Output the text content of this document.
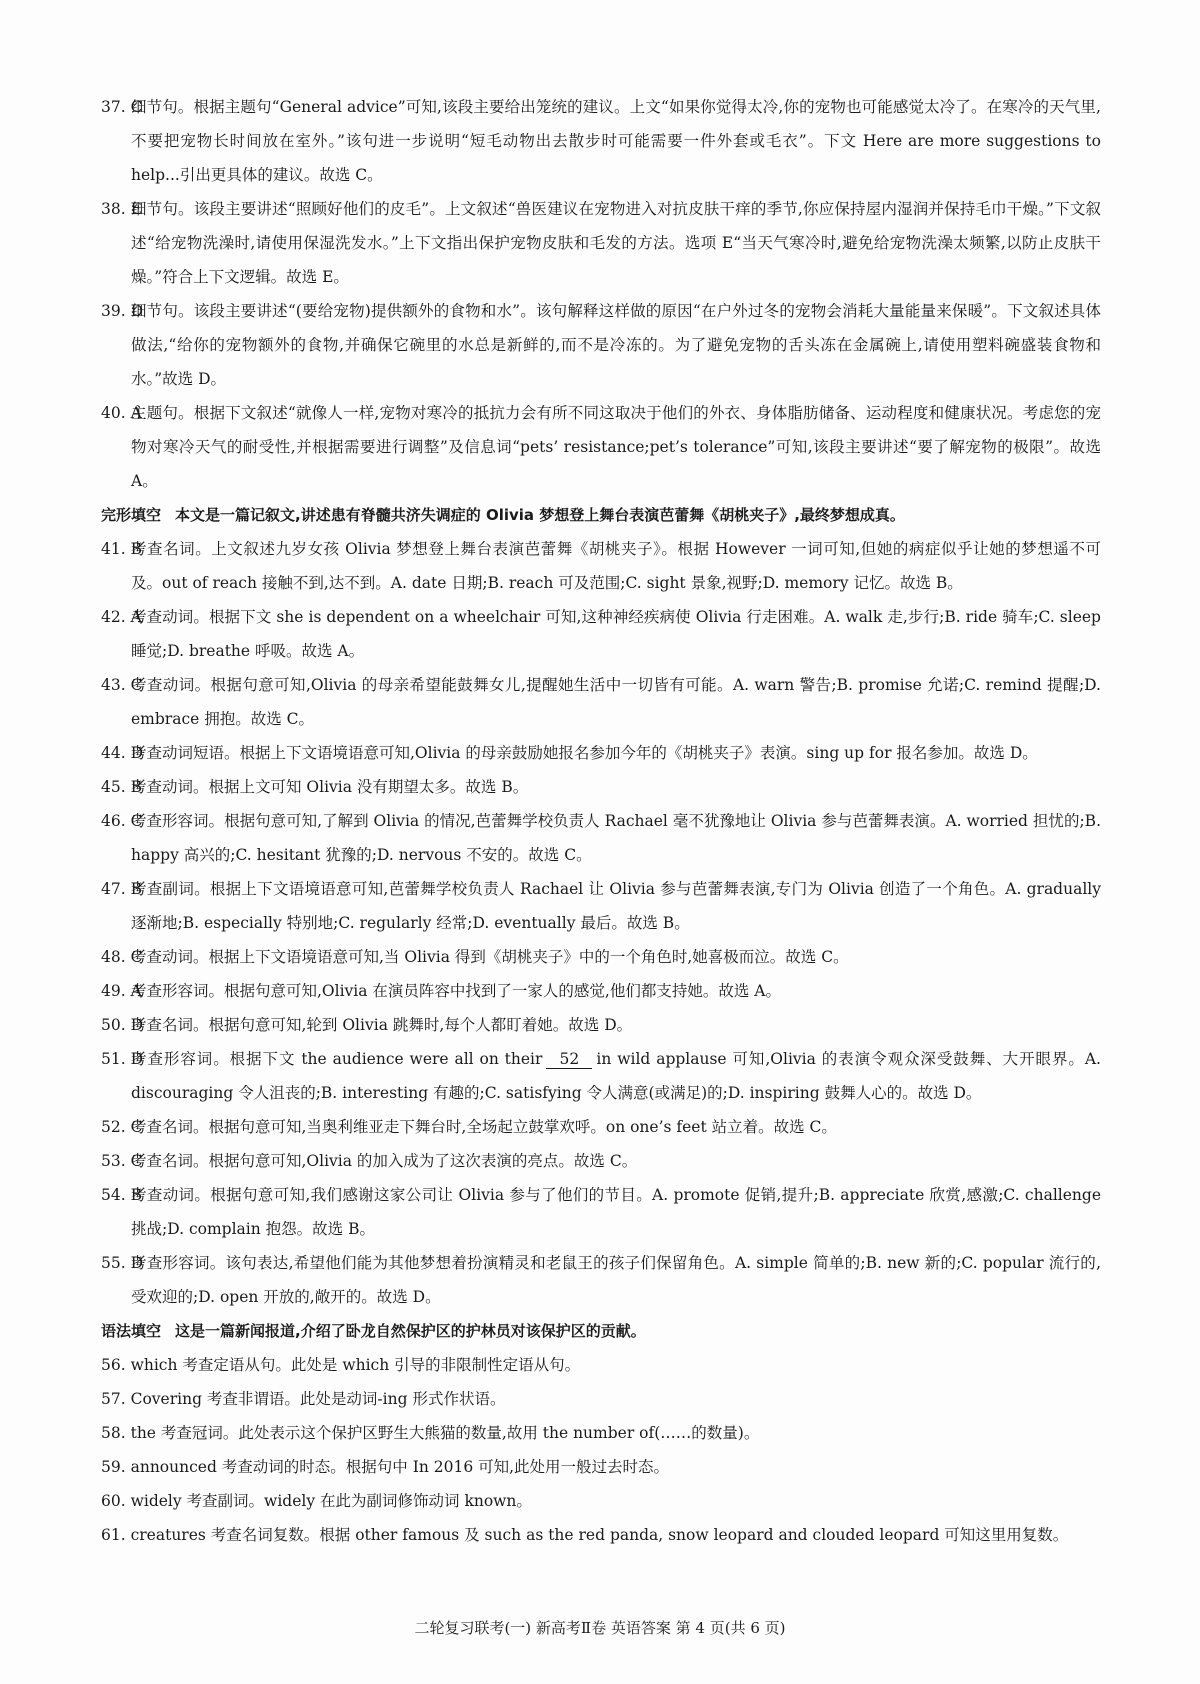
37. C
细节句。根据主题句“General advice”可知,该段主要给出笼统的建议。上文“如果你觉得太冷,你的宠物也可能感觉太冷了。在寒冷的天气里,不要把宠物长时间放在室外。”该句进一步说明“短毛动物出去散步时可能需要一件外套或毛衣”。下文 Here are more suggestions to help...引出更具体的建议。故选 C。

38. E
细节句。该段主要讲述“照顾好他们的皮毛”。上文叙述“兽医建议在宠物进入对抗皮肤干痒的季节,你应保持屋内湿润并保持毛巾干燥。”下文叙述“给宠物洗澡时,请使用保湿洗发水。”上下文指出保护宠物皮肤和毛发的方法。选项 E“当天气寒冷时,避免给宠物洗澡太频繁,以防止皮肤干燥。”符合上下文逻辑。故选 E。

39. D
细节句。该段主要讲述“(要给宠物)提供额外的食物和水”。该句解释这样做的原因“在户外过冬的宠物会消耗大量能量来保暖”。下文叙述具体做法,“给你的宠物额外的食物,并确保它碗里的水总是新鲜的,而不是冷冻的。为了避免宠物的舌头冻在金属碗上,请使用塑料碗盛装食物和水。”故选 D。

40. A
主题句。根据下文叙述“就像人一样,宠物对寒冷的抵抗力会有所不同这取决于他们的外衣、身体脂肪储备、运动程度和健康状况。考虑您的宠物对寒冷天气的耐受性,并根据需要进行调整”及信息词“pets’ resistance;pet’s tolerance”可知,该段主要讲述“要了解宠物的极限”。故选 A。

完形填空 本文是一篇记叙文,讲述患有脊髓共济失调症的 Olivia 梦想登上舞台表演芭蕾舞《胡桃夹子》,最终梦想成真。

41. B
考查名词。上文叙述九岁女孩 Olivia 梦想登上舞台表演芭蕾舞《胡桃夹子》。根据 However 一词可知,但她的病症似乎让她的梦想遥不可及。out of reach 接触不到,达不到。A. date 日期;B. reach 可及范围;C. sight 景象,视野;D. memory 记忆。故选 B。

42. A
考查动词。根据下文 she is dependent on a wheelchair 可知,这种神经疾病使 Olivia 行走困难。A. walk 走,步行;B. ride 骑车;C. sleep 睡觉;D. breathe 呼吸。故选 A。

43. C
考查动词。根据句意可知,Olivia 的母亲希望能鼓舞女儿,提醒她生活中一切皆有可能。A. warn 警告;B. promise 允诺;C. remind 提醒;D. embrace 拥抱。故选 C。

44. D
考查动词短语。根据上下文语境语意可知,Olivia 的母亲鼓励她报名参加今年的《胡桃夹子》表演。sing up for 报名参加。故选 D。

45. B
考查动词。根据上文可知 Olivia 没有期望太多。故选 B。

46. C
考查形容词。根据句意可知,了解到 Olivia 的情况,芭蕾舞学校负责人 Rachael 毫不犹豫地让 Olivia 参与芭蕾舞表演。A. worried 担忧的;B. happy 高兴的;C. hesitant 犹豫的;D. nervous 不安的。故选 C。

47. B
考查副词。根据上下文语境语意可知,芭蕾舞学校负责人 Rachael 让 Olivia 参与芭蕾舞表演,专门为 Olivia 创造了一个角色。A. gradually 逐渐地;B. especially 特别地;C. regularly 经常;D. eventually 最后。故选 B。

48. C
考查动词。根据上下文语境语意可知,当 Olivia 得到《胡桃夹子》中的一个角色时,她喜极而泣。故选 C。

49. A
考查形容词。根据句意可知,Olivia 在演员阵容中找到了一家人的感觉,他们都支持她。故选 A。

50. D
考查名词。根据句意可知,轮到 Olivia 跳舞时,每个人都盯着她。故选 D。

51. D
考查形容词。根据下文 the audience were all on their 52 in wild applause 可知,Olivia 的表演令观众深受鼓舞、大开眼界。A. discouraging 令人沮丧的;B. interesting 有趣的;C. satisfying 令人满意(或满足)的;D. inspiring 鼓舞人心的。故选 D。

52. C
考查名词。根据句意可知,当奥利维亚走下舞台时,全场起立鼓掌欢呼。on one’s feet 站立着。故选 C。

53. C
考查名词。根据句意可知,Olivia 的加入成为了这次表演的亮点。故选 C。

54. B
考查动词。根据句意可知,我们感谢这家公司让 Olivia 参与了他们的节目。A. promote 促销,提升;B. appreciate 欣赏,感激;C. challenge 挑战;D. complain 抱怨。故选 B。

55. D
考查形容词。该句表达,希望他们能为其他梦想着扮演精灵和老鼠王的孩子们保留角色。A. simple 简单的;B. new 新的;C. popular 流行的,受欢迎的;D. open 开放的,敞开的。故选 D。

语法填空 这是一篇新闻报道,介绍了卧龙自然保护区的护林员对该保护区的贡献。

56. which 考查定语从句。此处是 which 引导的非限制性定语从句。

57. Covering 考查非谓语。此处是动词-ing 形式作状语。

58. the 考查冠词。此处表示这个保护区野生大熊猫的数量,故用 the number of(……的数量)。

59. announced 考查动词的时态。根据句中 In 2016 可知,此处用一般过去时态。

60. widely 考查副词。widely 在此为副词修饰动词 known。

61. creatures 考查名词复数。根据 other famous 及 such as the red panda, snow leopard and clouded leopard 可知这里用复数。

二轮复习联考(一) 新高考Ⅱ卷 英语答案 第 4 页(共 6 页)
